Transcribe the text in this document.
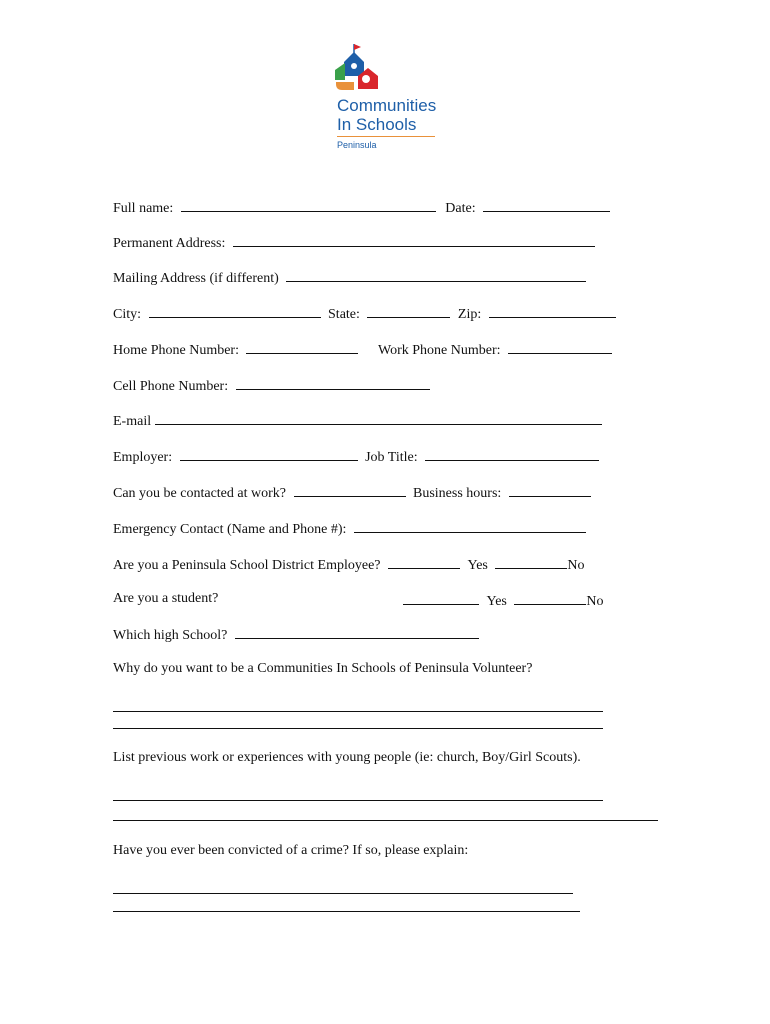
Communities
In Schools
Peninsula
Full name:	Date:
Permanent Address:
Mailing Address (if different)
City:	State:	Zip:
Home Phone Number:	Work Phone Number:
Cell Phone Number:
E-mail
Employer:	Job Title:
Can you be contacted at work?	Business hours:
Emergency Contact (Name and Phone #):
Are you a Peninsula School District Employee?	Yes	No
Are you a student?	Yes	No
Which high School?
Why do you want to be a Communities In Schools of Peninsula Volunteer?
List previous work or experiences with young people (ie: church, Boy/Girl Scouts).
Have you ever been convicted of a crime? If so, please explain:
